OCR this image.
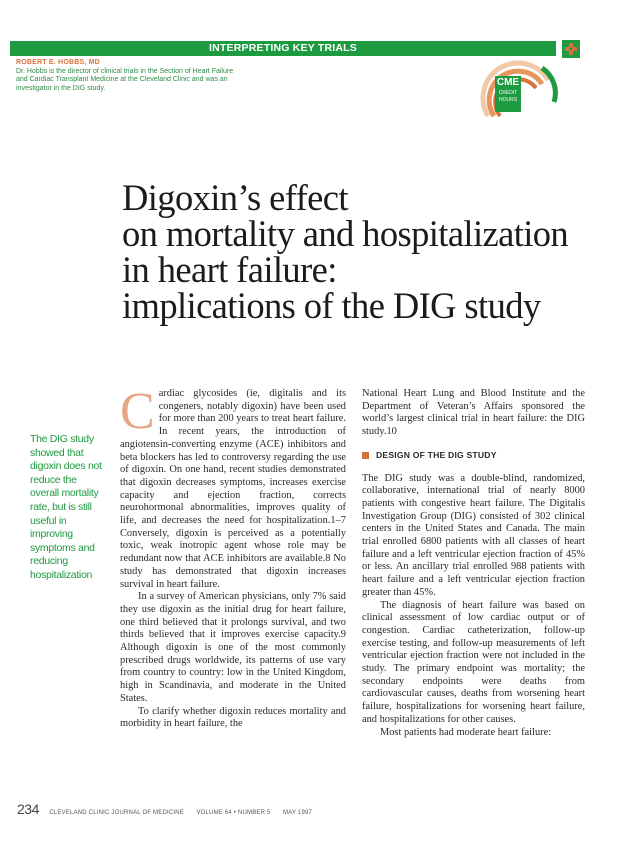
INTERPRETING KEY TRIALS
ROBERT E. HOBBS, MD
Dr. Hobbs is the director of clinical trials in the Section of Heart Failure and Cardiac Transplant Medicine at the Cleveland Clinic and was an investigator in the DIG study.
CME
CREDIT
HOURS
Digoxin’s effect
on mortality and hospitalization
in heart failure:
implications of the DIG study
The DIG study showed that digoxin does not reduce the overall mortality rate, but is still useful in improving symptoms and reducing hospitalization

Cardiac glycosides (ie, digitalis and its congeners, notably digoxin) have been used for more than 200 years to treat heart failure. In recent years, the introduction of angiotensin-converting enzyme (ACE) inhibitors and beta blockers has led to controversy regarding the use of digoxin. On one hand, recent studies demonstrated that digoxin decreases symptoms, increases exercise capacity and ejection fraction, corrects neurohormonal abnormalities, improves quality of life, and decreases the need for hospitalization.1–7 Conversely, digoxin is perceived as a potentially toxic, weak inotropic agent whose role may be redundant now that ACE inhibitors are available.8 No study has demonstrated that digoxin increases survival in heart failure.

In a survey of American physicians, only 7% said they use digoxin as the initial drug for heart failure, one third believed that it prolongs survival, and two thirds believed that it improves exercise capacity.9 Although digoxin is one of the most commonly prescribed drugs worldwide, its patterns of use vary from country to country: low in the United Kingdom, high in Scandinavia, and moderate in the United States.

To clarify whether digoxin reduces mortality and morbidity in heart failure, the

National Heart Lung and Blood Institute and the Department of Veteran’s Affairs sponsored the world’s largest clinical trial in heart failure: the DIG study.10

DESIGN OF THE DIG STUDY

The DIG study was a double-blind, randomized, collaborative, international trial of nearly 8000 patients with congestive heart failure. The Digitalis Investigation Group (DIG) consisted of 302 clinical centers in the United States and Canada. The main trial enrolled 6800 patients with all classes of heart failure and a left ventricular ejection fraction of 45% or less. An ancillary trial enrolled 988 patients with heart failure and a left ventricular ejection fraction greater than 45%.

The diagnosis of heart failure was based on clinical assessment of low cardiac output or of congestion. Cardiac catheterization, follow-up exercise testing, and follow-up measurements of left ventricular ejection fraction were not included in the study. The primary endpoint was mortality; the secondary endpoints were deaths from cardiovascular causes, deaths from worsening heart failure, hospitalizations for worsening heart failure, and hospitalizations for other causes.

Most patients had moderate heart failure:

234 CLEVELAND CLINIC JOURNAL OF MEDICINE VOLUME 64 • NUMBER 5 MAY 1997
